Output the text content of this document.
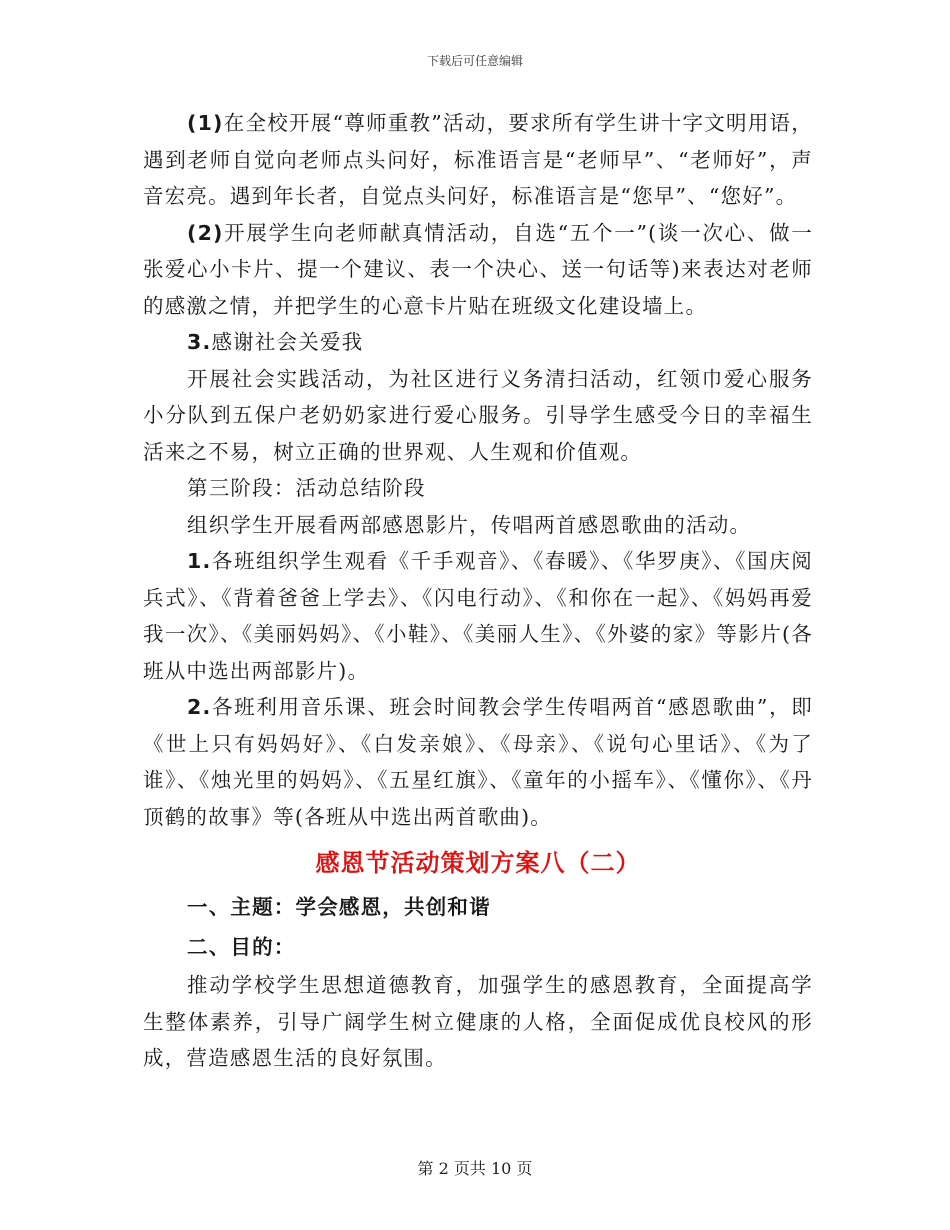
下载后可任意编辑

(1)在全校开展“尊师重教”活动，要求所有学生讲十字文明用语，遇到老师自觉向老师点头问好，标准语言是“老师早”、“老师好”，声音宏亮。遇到年长者，自觉点头问好，标准语言是“您早”、“您好”。

(2)开展学生向老师献真情活动，自选“五个一”(谈一次心、做一张爱心小卡片、提一个建议、表一个决心、送一句话等)来表达对老师的感激之情，并把学生的心意卡片贴在班级文化建设墙上。

3.感谢社会关爱我

开展社会实践活动，为社区进行义务清扫活动，红领巾爱心服务小分队到五保户老奶奶家进行爱心服务。引导学生感受今日的幸福生活来之不易，树立正确的世界观、人生观和价值观。

第三阶段：活动总结阶段

组织学生开展看两部感恩影片，传唱两首感恩歌曲的活动。

1.各班组织学生观看《千手观音》、《春暖》、《华罗庚》、《国庆阅兵式》、《背着爸爸上学去》、《闪电行动》、《和你在一起》、《妈妈再爱我一次》、《美丽妈妈》、《小鞋》、《美丽人生》、《外婆的家》等影片(各班从中选出两部影片)。

2.各班利用音乐课、班会时间教会学生传唱两首“感恩歌曲”，即《世上只有妈妈好》、《白发亲娘》、《母亲》、《说句心里话》、《为了谁》、《烛光里的妈妈》、《五星红旗》、《童年的小摇车》、《懂你》、《丹顶鹤的故事》等(各班从中选出两首歌曲)。

感恩节活动策划方案八（二）

一、主题：学会感恩，共创和谐

二、目的：

推动学校学生思想道德教育，加强学生的感恩教育，全面提高学生整体素养，引导广阔学生树立健康的人格，全面促成优良校风的形成，营造感恩生活的良好氛围。

第 2 页共 10 页
